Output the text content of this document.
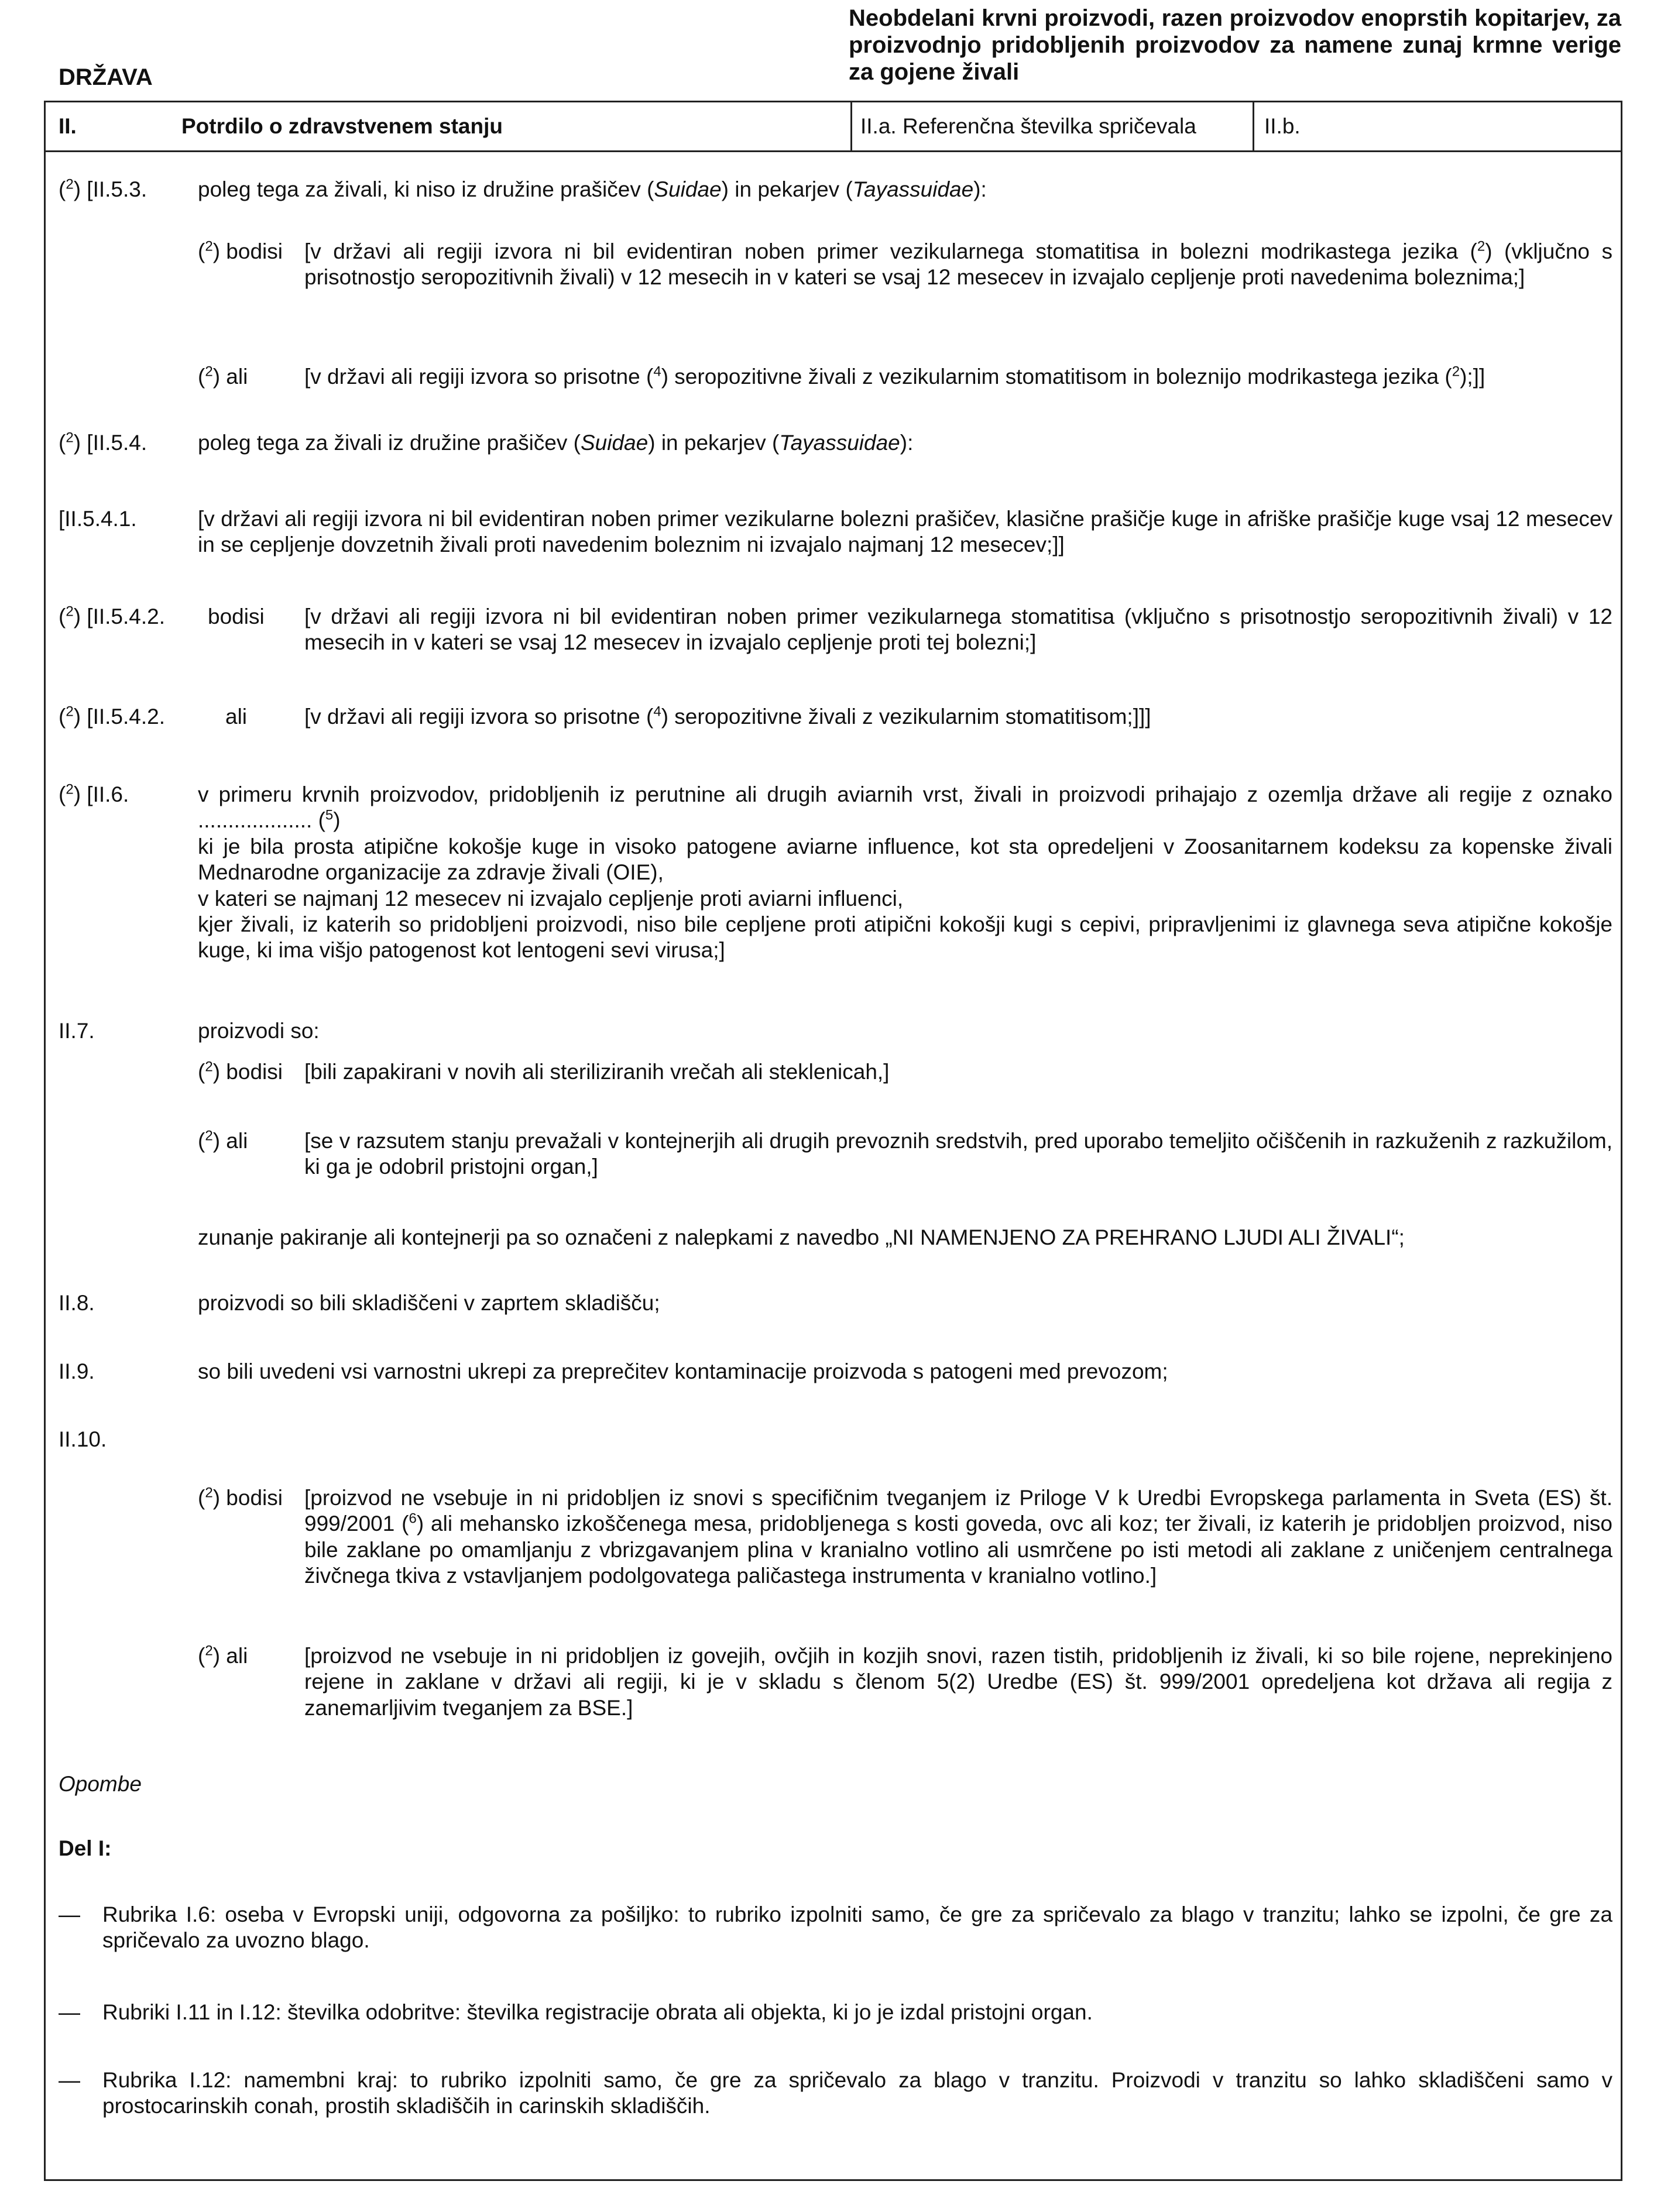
Neobdelani krvni proizvodi, razen proizvodov enoprstih kopitarjev, za proizvodnjo pridobljenih proizvodov za namene zunaj krmne verige za gojene živali
DRŽAVA
II.	Potrdilo o zdravstvenem stanju	II.a. Referenčna številka spričevala	II.b.
($^2$) [II.5.3. poleg tega za živali, ki niso iz družine prašičev (Suidae) in pekarjev (Tayassuidae):
($^2$) bodisi [v državi ali regiji izvora ni bil evidentiran noben primer vezikularnega stomatitisa in bolezni modrikastega jezika ($^2$) (vključno s prisotnostjo seropozitivnih živali) v 12 mesecih in v kateri se vsaj 12 mesecev in izvajalo cepljenje proti navedenima boleznima;]
($^2$) ali	[v državi ali regiji izvora so prisotne ($^4$) seropozitivne živali z vezikularnim stomatitisom in boleznijo modrikastega jezika ($^2$);]]
($^2$) [II.5.4. poleg tega za živali iz družine prašičev (Suidae) in pekarjev (Tayassuidae):
[II.5.4.1.	[v državi ali regiji izvora ni bil evidentiran noben primer vezikularne bolezni prašičev, klasične prašičje kuge in afriške prašičje kuge vsaj 12 mesecev in se cepljenje dovzetnih živali proti navedenim boleznim ni izvajalo najmanj 12 mesecev;]]
($^2$) [II.5.4.2. bodisi [v državi ali regiji izvora ni bil evidentiran noben primer vezikularnega stomatitisa (vključno s prisotnostjo seropozitivnih živali) v 12 mesecih in v kateri se vsaj 12 mesecev in izvajalo cepljenje proti tej bolezni;]
($^2$) [II.5.4.2.	ali	[v državi ali regiji izvora so prisotne ($^4$) seropozitivne živali z vezikularnim stomatitisom;]]]
($^2$) [II.6.	v primeru krvnih proizvodov, pridobljenih iz perutnine ali drugih aviarnih vrst, živali in proizvodi prihajajo z ozemlja države ali regije z oznako ................... ($^5$)
ki je bila prosta atipične kokošje kuge in visoko patogene aviarne influence, kot sta opredeljeni v Zoosanitarnem kodeksu za kopenske živali Mednarodne organizacije za zdravje živali (OIE),
v kateri se najmanj 12 mesecev ni izvajalo cepljenje proti aviarni influenci,
kjer živali, iz katerih so pridobljeni proizvodi, niso bile cepljene proti atipični kokošji kugi s cepivi, pripravljenimi iz glavnega seva atipične kokošje kuge, ki ima višjo patogenost kot lentogeni sevi virusa;]
II.7.	proizvodi so:
($^2$) bodisi [bili zapakirani v novih ali steriliziranih vrečah ali steklenicah,]
($^2$) ali	[se v razsutem stanju prevažali v kontejnerjih ali drugih prevoznih sredstvih, pred uporabo temeljito očiščenih in razkuženih z razkužilom, ki ga je odobril pristojni organ,]
zunanje pakiranje ali kontejnerji pa so označeni z nalepkami z navedbo „NI NAMENJENO ZA PREHRANO LJUDI ALI ŽIVALI“;
II.8.	proizvodi so bili skladiščeni v zaprtem skladišču;
II.9.	so bili uvedeni vsi varnostni ukrepi za preprečitev kontaminacije proizvoda s patogeni med prevozom;
II.10.
($^2$) bodisi [proizvod ne vsebuje in ni pridobljen iz snovi s specifičnim tveganjem iz Priloge V k Uredbi Evropskega parlamenta in Sveta (ES) št. 999/2001 ($^6$) ali mehansko izkoščenega mesa, pridobljenega s kosti goveda, ovc ali koz; ter živali, iz katerih je pridobljen proizvod, niso bile zaklane po omamljanju z vbrizgavanjem plina v kranialno votlino ali usmrčene po isti metodi ali zaklane z uničenjem centralnega živčnega tkiva z vstavljanjem podolgovatega paličastega instrumenta v kranialno votlino.]
($^2$) ali	[proizvod ne vsebuje in ni pridobljen iz govejih, ovčjih in kozjih snovi, razen tistih, pridobljenih iz živali, ki so bile rojene, neprekinjeno rejene in zaklane v državi ali regiji, ki je v skladu s členom 5(2) Uredbe (ES) št. 999/2001 opredeljena kot država ali regija z zanemarljivim tveganjem za BSE.]
Opombe
Del I:
— Rubrika I.6: oseba v Evropski uniji, odgovorna za pošiljko: to rubriko izpolniti samo, če gre za spričevalo za blago v tranzitu; lahko se izpolni, če gre za spričevalo za uvozno blago.
— Rubriki I.11 in I.12: številka odobritve: številka registracije obrata ali objekta, ki jo je izdal pristojni organ.
— Rubrika I.12: namembni kraj: to rubriko izpolniti samo, če gre za spričevalo za blago v tranzitu. Proizvodi v tranzitu so lahko skladiščeni samo v prostocarinskih conah, prostih skladiščih in carinskih skladiščih.
